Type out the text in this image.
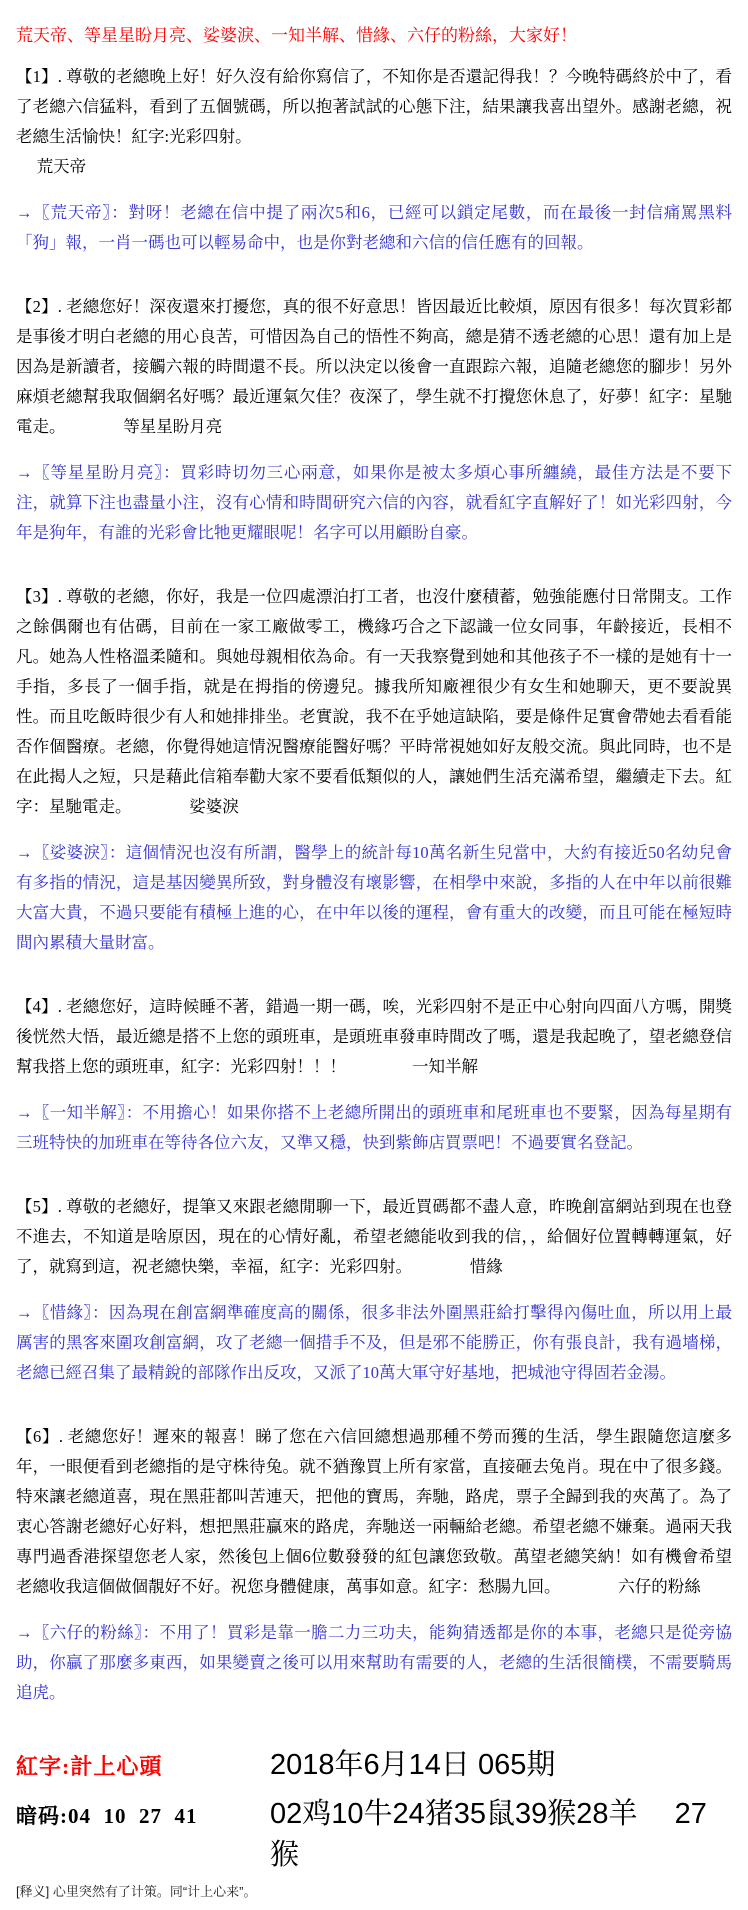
荒天帝、等星星盼月亮、娑婆淚、一知半解、惜緣、六仔的粉絲，大家好！

【1】. 尊敬的老總晚上好！好久沒有給你寫信了，不知你是否還記得我！？今晚特碼終於中了，看了老總六信猛料，看到了五個號碼，所以抱著試試的心態下注，結果讓我喜出望外。感謝老總，祝老總生活愉快！紅字:光彩四射。

　 荒天帝

→〖荒天帝〗：對呀！老總在信中提了兩次5和6，已經可以鎖定尾數，而在最後一封信痛罵黑料「狗」報，一肖一碼也可以輕易命中，也是你對老總和六信的信任應有的回報。

【2】. 老總您好！深夜還來打擾您，真的很不好意思！皆因最近比較煩，原因有很多！每次買彩都是事後才明白老總的用心良苦，可惜因為自己的悟性不夠高，總是猜不透老總的心思！還有加上是因為是新讀者，接觸六報的時間還不長。所以決定以後會一直跟踪六報，追隨老總您的腳步！另外麻煩老總幫我取個網名好嗎？最近運氣欠佳？夜深了，學生就不打攪您休息了，好夢！紅字：星馳電走。　　　　等星星盼月亮

→〖等星星盼月亮〗：買彩時切勿三心兩意，如果你是被太多煩心事所纏繞，最佳方法是不要下注，就算下注也盡量小注，沒有心情和時間研究六信的內容，就看紅字直解好了！如光彩四射，今年是狗年，有誰的光彩會比牠更耀眼呢！名字可以用顧盼自豪。

【3】. 尊敬的老總，你好，我是一位四處漂泊打工者，也沒什麼積蓄，勉強能應付日常開支。工作之餘偶爾也有估碼，目前在一家工廠做零工，機緣巧合之下認識一位女同事，年齡接近，長相不凡。她為人性格溫柔隨和。與她母親相依為命。有一天我察覺到她和其他孩子不一樣的是她有十一手指，多長了一個手指，就是在拇指的傍邊兒。據我所知廠裡很少有女生和她聊天，更不要說異性。而且吃飯時很少有人和她排排坐。老實說，我不在乎她這缺陷，要是條件足實會帶她去看看能否作個醫療。老總，你覺得她這情況醫療能醫好嗎？平時常視她如好友般交流。與此同時，也不是在此揭人之短，只是藉此信箱奉勸大家不要看低類似的人，讓她們生活充滿希望，繼續走下去。紅字：星馳電走。　　　　娑婆淚

→〖娑婆淚〗：這個情況也沒有所謂，醫學上的統計每10萬名新生兒當中，大約有接近50名幼兒會有多指的情況，這是基因變異所致，對身體沒有壞影響，在相學中來說，多指的人在中年以前很難大富大貴，不過只要能有積極上進的心，在中年以後的運程，會有重大的改變，而且可能在極短時間內累積大量財富。

【4】. 老總您好，這時候睡不著，錯過一期一碼，唉，光彩四射不是正中心射向四面八方嗎，開獎後恍然大悟，最近總是搭不上您的頭班車，是頭班車發車時間改了嗎，還是我起晚了，望老總登信幫我搭上您的頭班車，紅字：光彩四射！！！　　　　一知半解

→〖一知半解〗：不用擔心！如果你搭不上老總所開出的頭班車和尾班車也不要緊，因為每星期有三班特快的加班車在等待各位六友，又準又穩，快到紫飾店買票吧！不過要實名登記。

【5】. 尊敬的老總好，提筆又來跟老總閒聊一下，最近買碼都不盡人意，昨晚創富網站到現在也登不進去，不知道是啥原因，現在的心情好亂，希望老總能收到我的信，，給個好位置轉轉運氣，好了，就寫到這，祝老總快樂，幸福，紅字：光彩四射。　　　　惜緣

→〖惜緣〗：因為現在創富網準確度高的關係，很多非法外圍黑莊給打擊得內傷吐血，所以用上最厲害的黑客來圍攻創富網，攻了老總一個措手不及，但是邪不能勝正，你有張良計，我有過墻梯，老總已經召集了最精銳的部隊作出反攻，又派了10萬大軍守好基地，把城池守得固若金湯。

【6】. 老總您好！遲來的報喜！睇了您在六信回總想過那種不勞而獲的生活，學生跟隨您這麼多年，一眼便看到老總指的是守株待兔。就不猶豫買上所有家當，直接砸去兔肖。現在中了很多錢。特來讓老總道喜，現在黑莊都叫苦連天，把他的寶馬，奔馳，路虎，票子全歸到我的夾萬了。為了衷心答謝老總好心好料，想把黑莊贏來的路虎，奔馳送一兩輛給老總。希望老總不嫌棄。過兩天我專門過香港探望您老人家，然後包上個6位數發發的紅包讓您致敬。萬望老總笑納！如有機會希望老總收我這個做個靚好不好。祝您身體健康，萬事如意。紅字：愁腸九回。　　　　六仔的粉絲

→〖六仔的粉絲〗：不用了！買彩是靠一膽二力三功夫，能夠猜透都是你的本事，老總只是從旁協助，你贏了那麼多東西，如果變賣之後可以用來幫助有需要的人，老總的生活很簡樸，不需要騎馬追虎。

紅字:計上心頭	2018年6月14日 065期
暗码:04  10  27  41	02鸡10牛24猪35鼠39猴28羊　 27猴
[释义] 心里突然有了计策。同“计上心来”。
